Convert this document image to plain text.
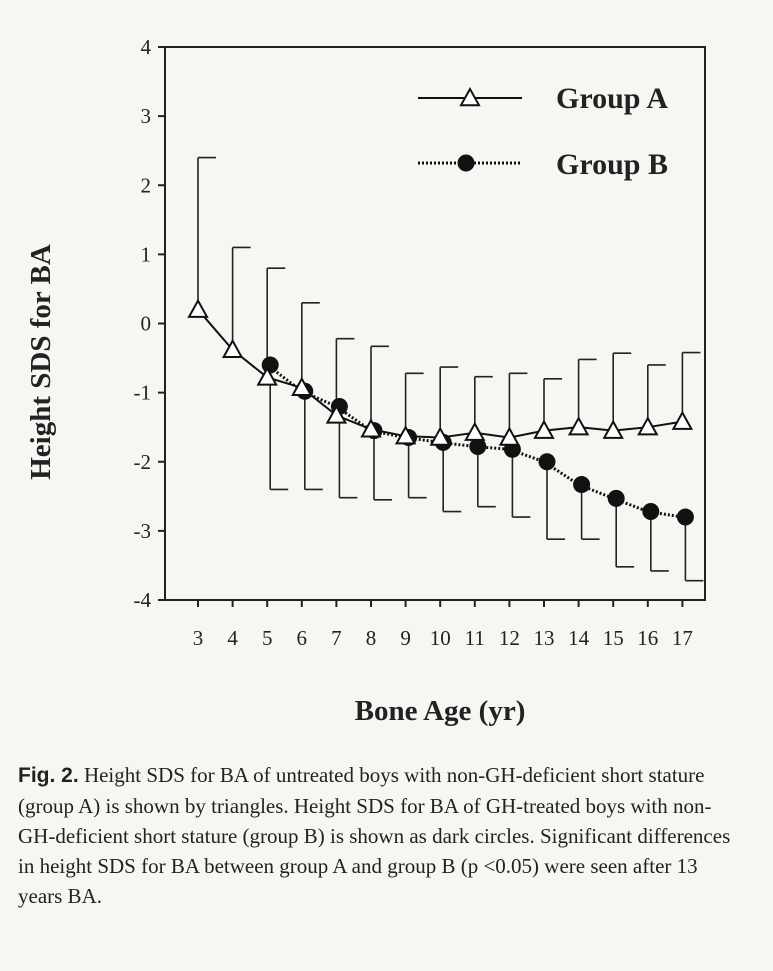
4
3
2
1
0
-1
-2
-3
-4
3 4 5 6 7 8 9 10 11 12 13 14 15 16 17
Bone Age (yr)
Height SDS for BA
Group A
Group B

Fig. 2. Height SDS for BA of untreated boys with non-GH-deficient short stature (group A) is shown by triangles. Height SDS for BA of GH-treated boys with non-GH-deficient short stature (group B) is shown as dark circles. Significant differences in height SDS for BA between group A and group B (p <0.05) were seen after 13 years BA.
